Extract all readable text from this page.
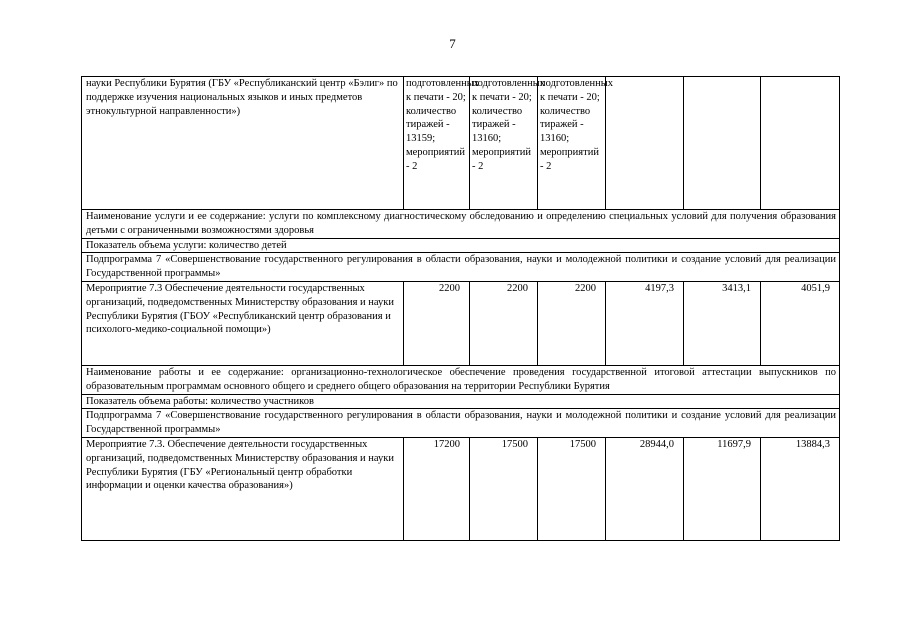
7
науки Республики Бурятия (ГБУ «Республиканский центр «Бэлиг» по поддержке изучения национальных языков и иных предметов этнокультурной направленности»)	подготовленных к печати - 20; количество тиражей - 13159; мероприятий - 2	подготовленных к печати - 20; количество тиражей - 13160; мероприятий - 2	подготовленных к печати - 20; количество тиражей - 13160; мероприятий - 2			
Наименование услуги и ее содержание: услуги по комплексному диагностическому обследованию и определению специальных условий для получения образования детьми с ограниченными возможностями здоровья						
Показатель объема услуги: количество детей						
Подпрограмма 7 «Совершенствование государственного регулирования в области образования, науки и молодежной политики и создание условий для реализации Государственной программы»						
Мероприятие 7.3 Обеспечение деятельности государственных организаций, подведомственных Министерству образования и науки Республики Бурятия (ГБОУ «Республиканский центр образования и психолого-медико-социальной помощи»)	2200	2200	2200	4197,3	3413,1	4051,9
Наименование работы и ее содержание: организационно-технологическое обеспечение проведения государственной итоговой аттестации выпускников по образовательным программам основного общего и среднего общего образования на территории Республики Бурятия						
Показатель объема работы: количество участников						
Подпрограмма 7 «Совершенствование государственного регулирования в области образования, науки и молодежной политики и создание условий для реализации Государственной программы»						
Мероприятие 7.3. Обеспечение деятельности государственных организаций, подведомственных Министерству образования и науки Республики Бурятия (ГБУ «Региональный центр обработки информации и оценки качества образования»)	17200	17500	17500	28944,0	11697,9	13884,3
